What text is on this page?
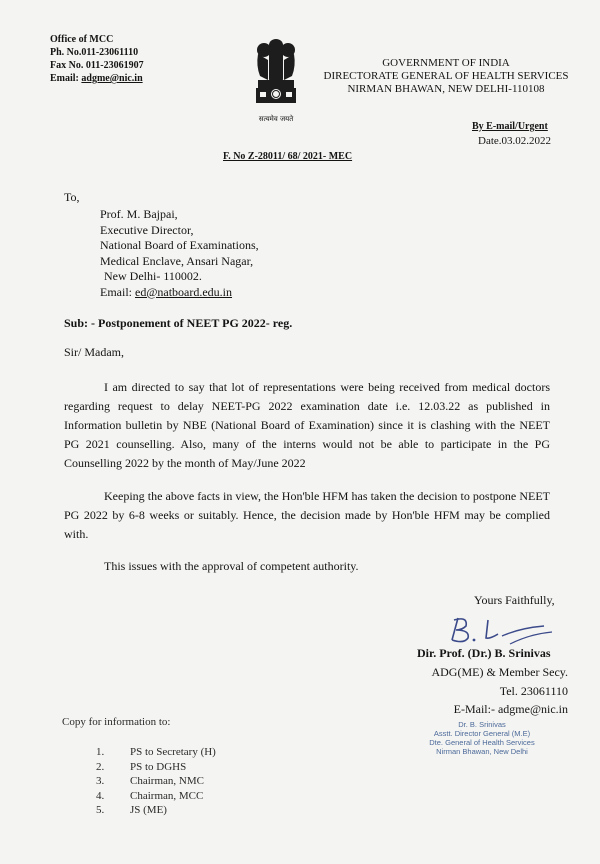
Office of MCC
Ph. No.011-23061110
Fax No. 011-23061907
Email: adgme@nic.in
सत्यमेव जयते
GOVERNMENT OF INDIA
DIRECTORATE GENERAL OF HEALTH SERVICES
NIRMAN BHAWAN, NEW DELHI-110108
By E-mail/Urgent
Date.03.02.2022
F. No Z-28011/ 68/ 2021- MEC
To,
Prof. M. Bajpai,
Executive Director,
National Board of Examinations,
Medical Enclave, Ansari Nagar,
New Delhi- 110002.
Email: ed@natboard.edu.in
Sub: - Postponement of NEET PG 2022- reg.
Sir/ Madam,
I am directed to say that lot of representations were being received from medical doctors regarding request to delay NEET-PG 2022 examination date i.e. 12.03.22 as published in Information bulletin by NBE (National Board of Examination) since it is clashing with the NEET PG 2021 counselling. Also, many of the interns would not be able to participate in the PG Counselling 2022 by the month of May/June 2022
Keeping the above facts in view, the Hon'ble HFM has taken the decision to postpone NEET PG 2022 by 6-8 weeks or suitably. Hence, the decision made by Hon'ble HFM may be complied with.
This issues with the approval of competent authority.
Yours Faithfully,
Dir. Prof. (Dr.) B. Srinivas
ADG(ME) & Member Secy.
Tel. 23061110
E-Mail:- adgme@nic.in
Dr. B. Srinivas
Asstt. Director General (M.E)
Dte. General of Health Services
Nirman Bhawan, New Delhi
Copy for information to:
1. PS to Secretary (H)
2. PS to DGHS
3. Chairman, NMC
4. Chairman, MCC
5. JS (ME)
